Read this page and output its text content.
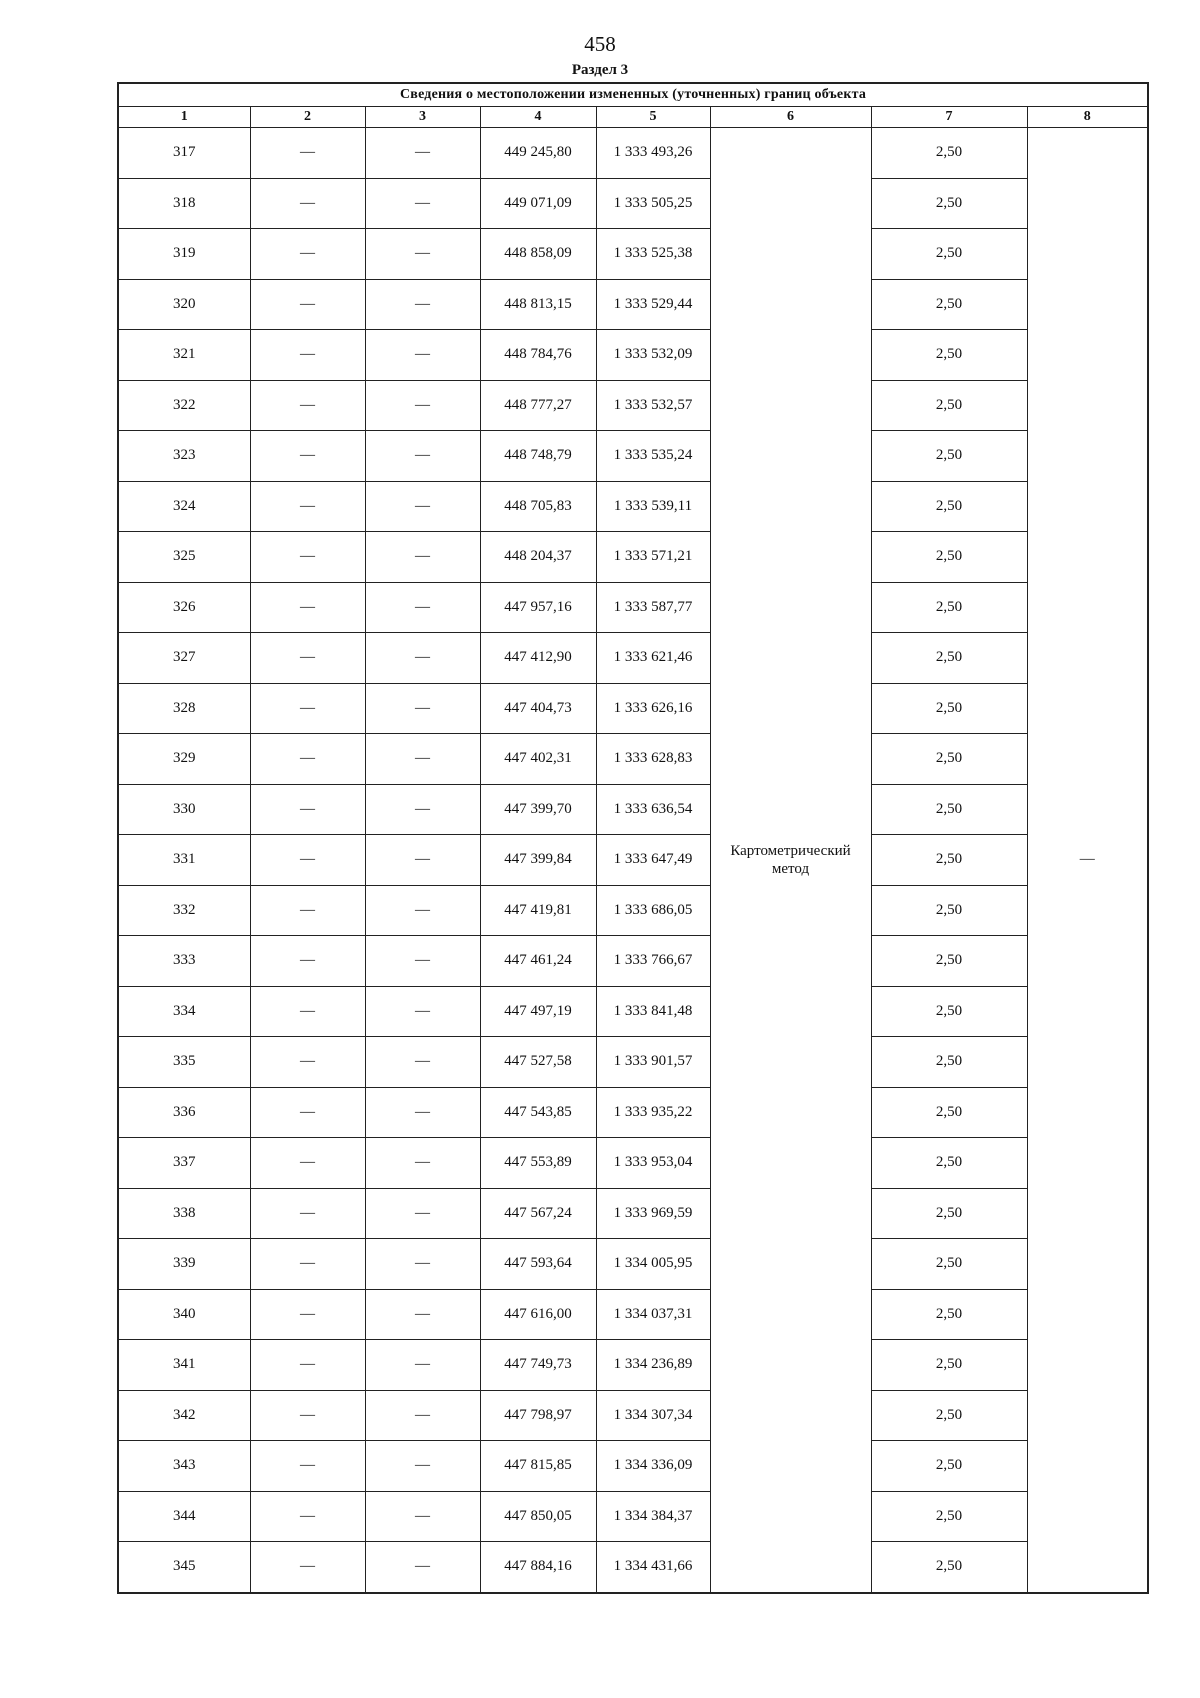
458
Раздел 3
Сведения о местоположении измененных (уточненных) границ объекта							
1	2	3	4	5	6	7	8
317	—	—	449 245,80	1 333 493,26	Картометрический метод	2,50	—
318	—	—	449 071,09	1 333 505,25		2,50	
319	—	—	448 858,09	1 333 525,38		2,50	
320	—	—	448 813,15	1 333 529,44		2,50	
321	—	—	448 784,76	1 333 532,09		2,50	
322	—	—	448 777,27	1 333 532,57		2,50	
323	—	—	448 748,79	1 333 535,24		2,50	
324	—	—	448 705,83	1 333 539,11		2,50	
325	—	—	448 204,37	1 333 571,21		2,50	
326	—	—	447 957,16	1 333 587,77		2,50	
327	—	—	447 412,90	1 333 621,46		2,50	
328	—	—	447 404,73	1 333 626,16		2,50	
329	—	—	447 402,31	1 333 628,83		2,50	
330	—	—	447 399,70	1 333 636,54		2,50	
331	—	—	447 399,84	1 333 647,49		2,50	
332	—	—	447 419,81	1 333 686,05		2,50	
333	—	—	447 461,24	1 333 766,67		2,50	
334	—	—	447 497,19	1 333 841,48		2,50	
335	—	—	447 527,58	1 333 901,57		2,50	
336	—	—	447 543,85	1 333 935,22		2,50	
337	—	—	447 553,89	1 333 953,04		2,50	
338	—	—	447 567,24	1 333 969,59		2,50	
339	—	—	447 593,64	1 334 005,95		2,50	
340	—	—	447 616,00	1 334 037,31		2,50	
341	—	—	447 749,73	1 334 236,89		2,50	
342	—	—	447 798,97	1 334 307,34		2,50	
343	—	—	447 815,85	1 334 336,09		2,50	
344	—	—	447 850,05	1 334 384,37		2,50	
345	—	—	447 884,16	1 334 431,66		2,50	
